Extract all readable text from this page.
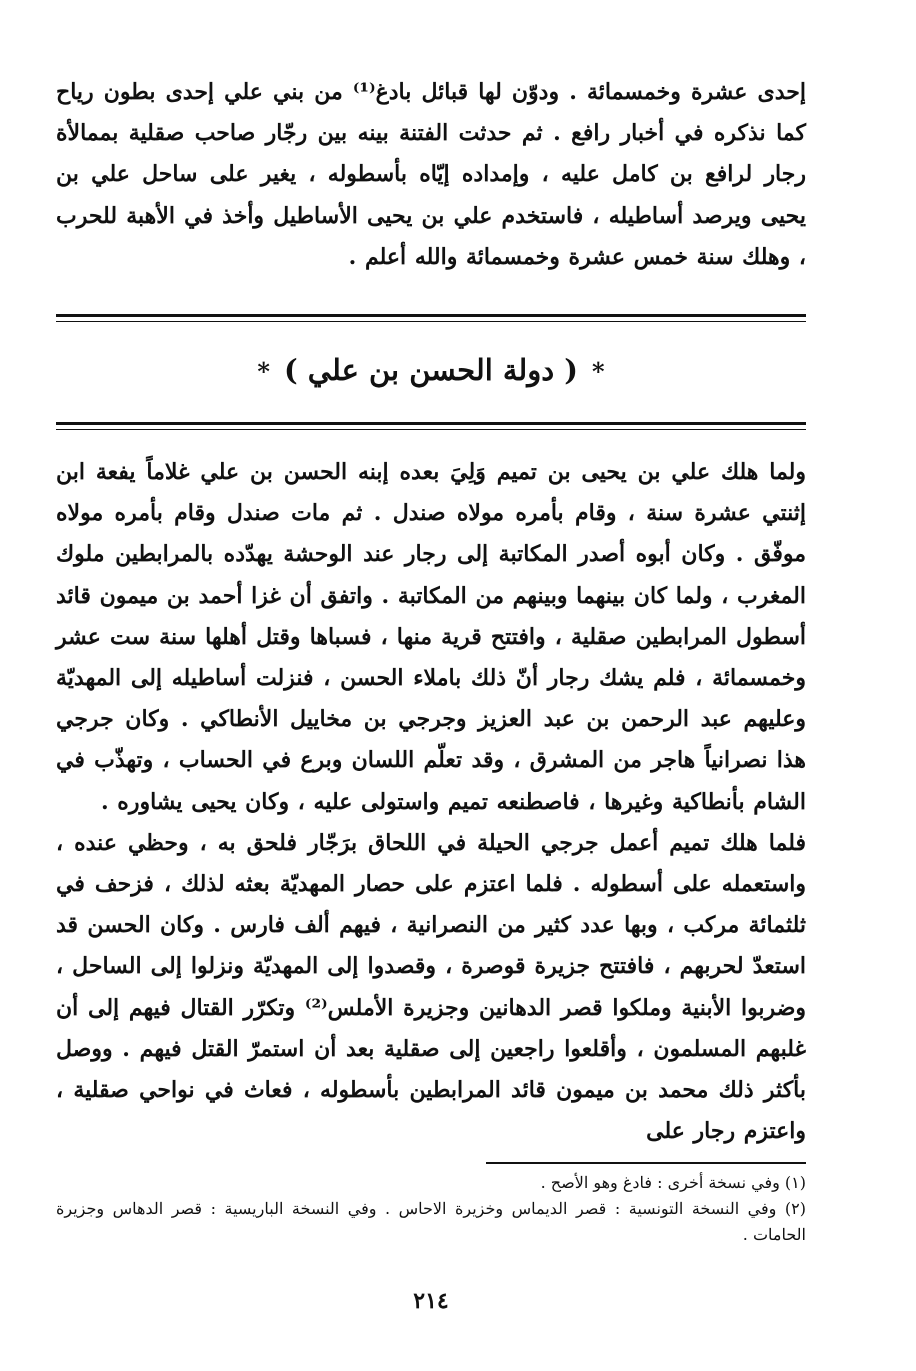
إحدى عشرة وخمسمائة . ودوّن لها قبائل بادغ⁽¹⁾ من بني علي إحدى بطون رياح كما نذكره في أخبار رافع . ثم حدثت الفتنة بينه بين رجّار صاحب صقلية بممالأة رجار لرافع بن كامل عليه ، وإمداده إيّاه بأسطوله ، يغير على ساحل علي بن يحيى ويرصد أساطيله ، فاستخدم علي بن يحيى الأساطيل وأخذ في الأهبة للحرب ، وهلك سنة خمس عشرة وخمسمائة والله أعلم .

*( دولة الحسن بن علي )*

ولما هلك علي بن يحيى بن تميم وَلِيَ بعده إبنه الحسن بن علي غلاماً يفعة ابن إثنتي عشرة سنة ، وقام بأمره مولاه صندل . ثم مات صندل وقام بأمره مولاه موفّق . وكان أبوه أصدر المكاتبة إلى رجار عند الوحشة يهدّده بالمرابطين ملوك المغرب ، ولما كان بينهما وبينهم من المكاتبة . واتفق أن غزا أحمد بن ميمون قائد أسطول المرابطين صقلية ، وافتتح قرية منها ، فسباها وقتل أهلها سنة ست عشر وخمسمائة ، فلم يشك رجار أنّ ذلك باملاء الحسن ، فنزلت أساطيله إلى المهديّة وعليهم عبد الرحمن بن عبد العزيز وجرجي بن مخاييل الأنطاكي . وكان جرجي هذا نصرانياً هاجر من المشرق ، وقد تعلّم اللسان وبرع في الحساب ، وتهذّب في الشام بأنطاكية وغيرها ، فاصطنعه تميم واستولى عليه ، وكان يحيى يشاوره .

فلما هلك تميم أعمل جرجي الحيلة في اللحاق برَجّار فلحق به ، وحظي عنده ، واستعمله على أسطوله . فلما اعتزم على حصار المهديّة بعثه لذلك ، فزحف في ثلثمائة مركب ، وبها عدد كثير من النصرانية ، فيهم ألف فارس . وكان الحسن قد استعدّ لحربهم ، فافتتح جزيرة قوصرة ، وقصدوا إلى المهديّة ونزلوا إلى الساحل ، وضربوا الأبنية وملكوا قصر الدهانين وجزيرة الأملس⁽²⁾ وتكرّر القتال فيهم إلى أن غلبهم المسلمون ، وأقلعوا راجعين إلى صقلية بعد أن استمرّ القتل فيهم . ووصل بأكثر ذلك محمد بن ميمون قائد المرابطين بأسطوله ، فعاث في نواحي صقلية ، واعتزم رجار على

(١) وفي نسخة أخرى : فادغ وهو الأصح .

(٢) وفي النسخة التونسية : قصر الديماس وخزيرة الاحاس . وفي النسخة الباريسية : قصر الدهاس وجزيرة الحامات .

٢١٤
